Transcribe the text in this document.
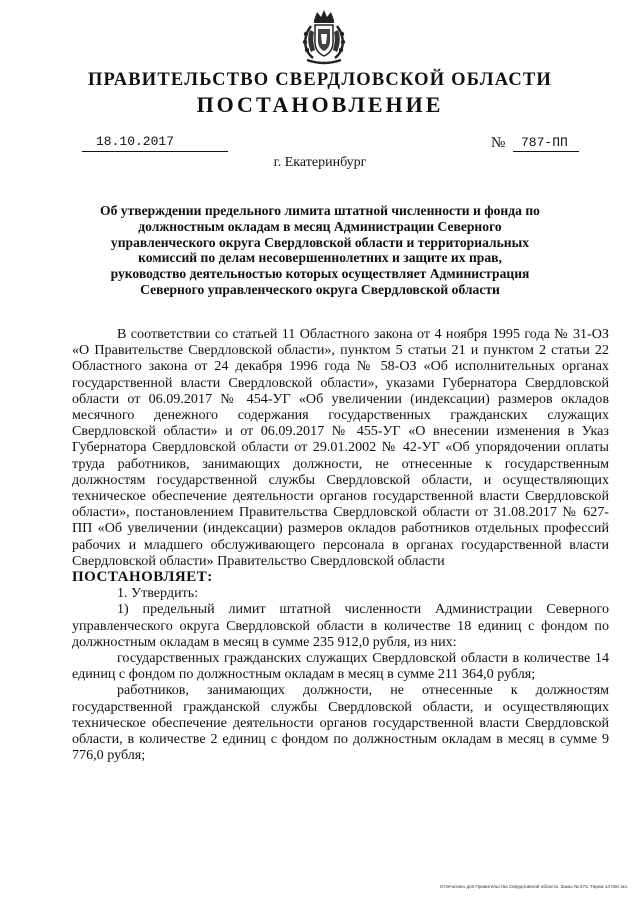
ПРАВИТЕЛЬСТВО СВЕРДЛОВСКОЙ ОБЛАСТИ
ПОСТАНОВЛЕНИЕ
18.10.2017	№ 787-ПП
г. Екатеринбург
Об утверждении предельного лимита штатной численности и фонда по должностным окладам в месяц Администрации Северного управленческого округа Свердловской области и территориальных комиссий по делам несовершеннолетних и защите их прав, руководство деятельностью которых осуществляет Администрация Северного управленческого округа Свердловской области

В соответствии со статьей 11 Областного закона от 4 ноября 1995 года № 31-ОЗ «О Правительстве Свердловской области», пунктом 5 статьи 21 и пунктом 2 статьи 22 Областного закона от 24 декабря 1996 года № 58-ОЗ «Об исполнительных органах государственной власти Свердловской области», указами Губернатора Свердловской области от 06.09.2017 № 454-УГ «Об увеличении (индексации) размеров окладов месячного денежного содержания государственных гражданских служащих Свердловской области» и от 06.09.2017 № 455-УГ «О внесении изменения в Указ Губернатора Свердловской области от 29.01.2002 № 42-УГ «Об упорядочении оплаты труда работников, занимающих должности, не отнесенные к государственным должностям государственной службы Свердловской области, и осуществляющих техническое обеспечение деятельности органов государственной власти Свердловской области», постановлением Правительства Свердловской области от 31.08.2017 № 627-ПП «Об увеличении (индексации) размеров окладов работников отдельных профессий рабочих и младшего обслуживающего персонала в органах государственной власти Свердловской области» Правительство Свердловской области

ПОСТАНОВЛЯЕТ:

1. Утвердить:

1) предельный лимит штатной численности Администрации Северного управленческого округа Свердловской области в количестве 18 единиц с фондом по должностным окладам в месяц в сумме 235 912,0 рубля, из них:

государственных гражданских служащих Свердловской области в количестве 14 единиц с фондом по должностным окладам в месяц в сумме 211 364,0 рубля;

работников, занимающих должности, не отнесенные к должностям государственной гражданской службы Свердловской области, и осуществляющих техническое обеспечение деятельности органов государственной власти Свердловской области, в количестве 2 единиц с фондом по должностным окладам в месяц в сумме 9 776,0 рубля;

Отпечатано для Правительства Свердловской области. Заказ № 573. Тираж 14 000 экз.
